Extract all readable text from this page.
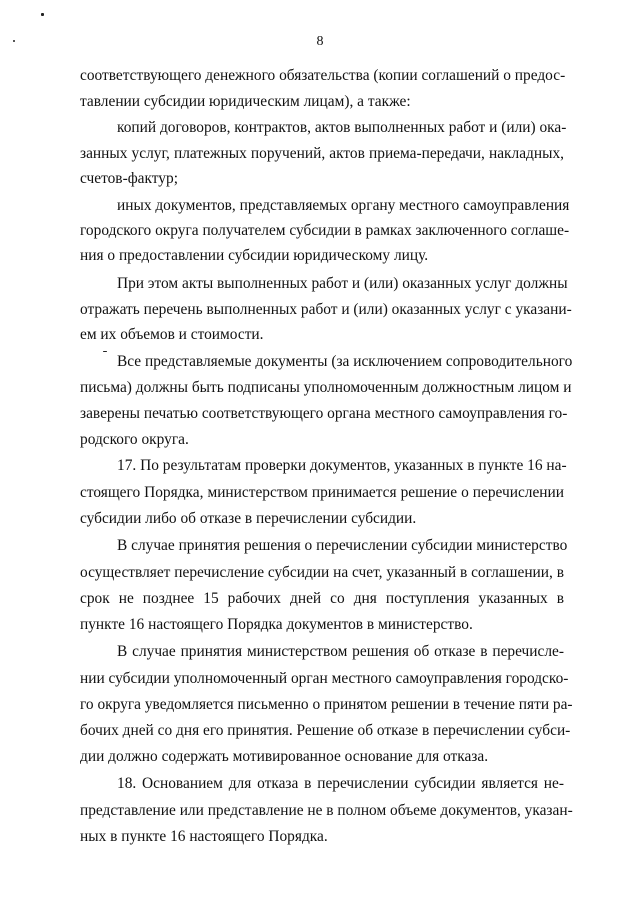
8
соответствующего денежного обязательства (копии соглашений о предос-
тавлении субсидии юридическим лицам), а также:
копий договоров, контрактов, актов выполненных работ и (или) ока-
занных услуг, платежных поручений, актов приема-передачи, накладных,
счетов-фактур;
иных документов, представляемых органу местного самоуправления
городского округа получателем субсидии в рамках заключенного соглаше-
ния о предоставлении субсидии юридическому лицу.
При этом акты выполненных работ и (или) оказанных услуг должны
отражать перечень выполненных работ и (или) оказанных услуг с указани-
ем их объемов и стоимости.
Все представляемые документы (за исключением сопроводительного
письма) должны быть подписаны уполномоченным должностным лицом и
заверены печатью соответствующего органа местного самоуправления го-
родского округа.
17. По результатам проверки документов, указанных в пункте 16 на-
стоящего Порядка, министерством принимается решение о перечислении
субсидии либо об отказе в перечислении субсидии.
В случае принятия решения о перечислении субсидии министерство
осуществляет перечисление субсидии на счет, указанный в соглашении, в
срок не позднее 15 рабочих дней со дня поступления указанных в
пункте 16 настоящего Порядка документов в министерство.
В случае принятия министерством решения об отказе в перечисле-
нии субсидии уполномоченный орган местного самоуправления городско-
го округа уведомляется письменно о принятом решении в течение пяти ра-
бочих дней со дня его принятия. Решение об отказе в перечислении субси-
дии должно содержать мотивированное основание для отказа.
18. Основанием для отказа в перечислении субсидии является не-
представление или представление не в полном объеме документов, указан-
ных в пункте 16 настоящего Порядка.
